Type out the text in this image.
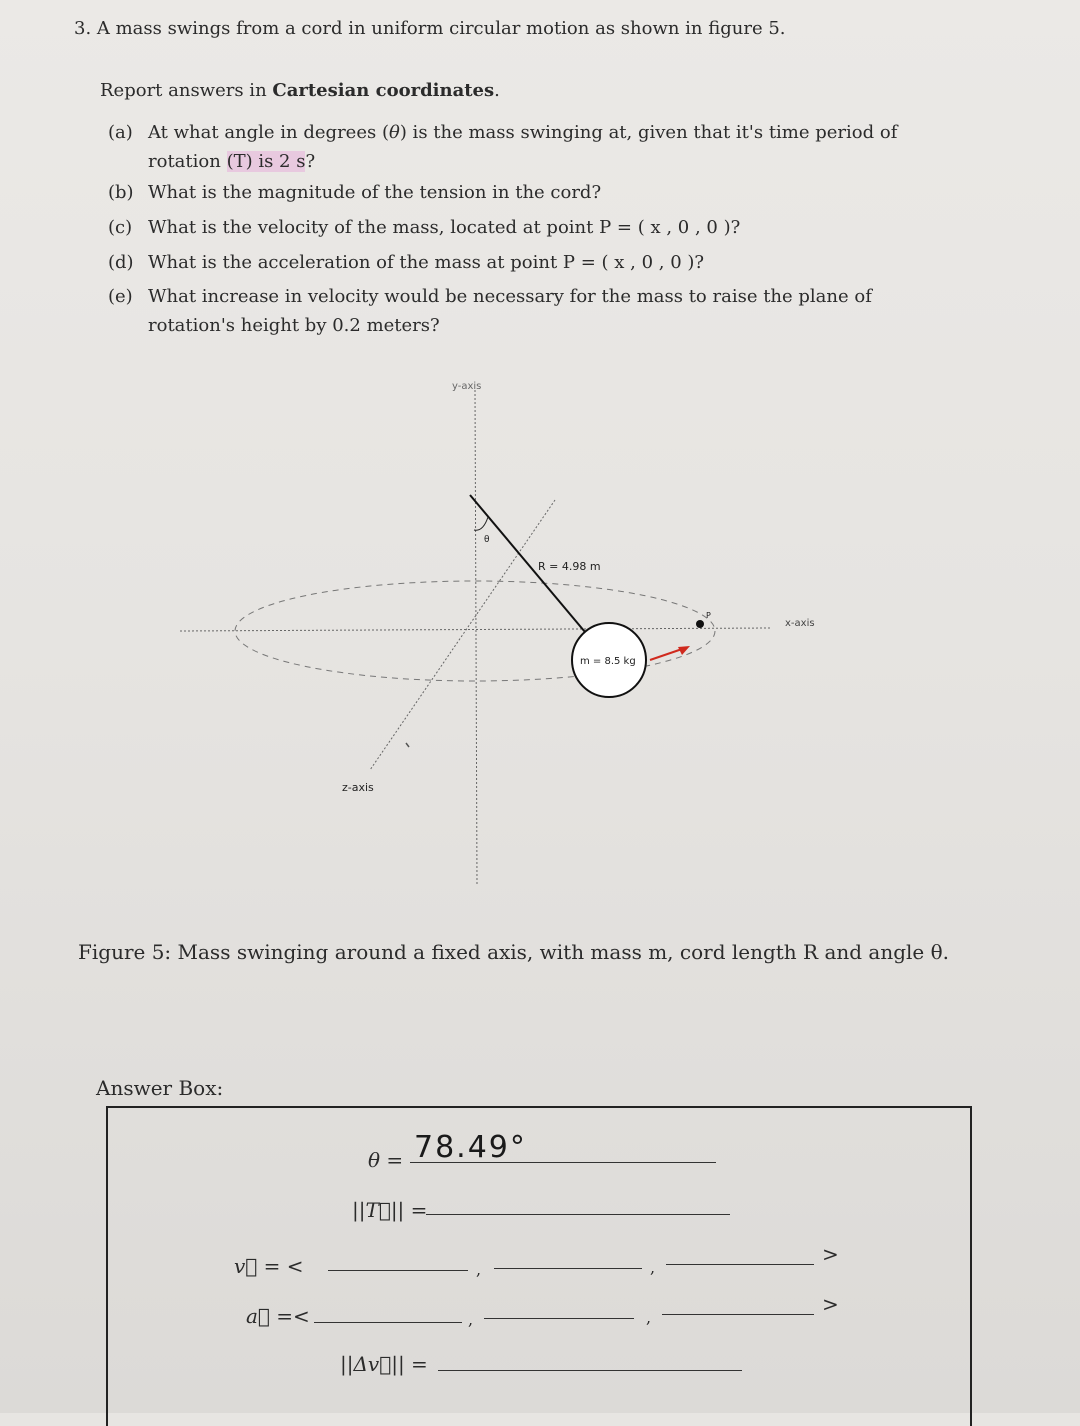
3. A mass swings from a cord in uniform circular motion as shown in figure 5.
Report answers in Cartesian coordinates.
(a) At what angle in degrees (θ) is the mass swinging at, given that it's time period of
rotation (T) is 2 s?
(b) What is the magnitude of the tension in the cord?
(c) What is the velocity of the mass, located at point P = ( x , 0 , 0 )?
(d) What is the acceleration of the mass at point P = ( x , 0 , 0 )?
(e) What increase in velocity would be necessary for the mass to raise the plane of
rotation's height by 0.2 meters?
y-axis
x-axis
z-axis
θ
R = 4.98 m
m = 8.5 kg
P
Figure 5: Mass swinging around a fixed axis, with mass m, cord length R and angle θ.
Answer Box:
θ = 78.49°
||T⃗|| =
v⃗ = <	,	,
>
a⃗ =<	,	,
>
||Δv⃗|| =
